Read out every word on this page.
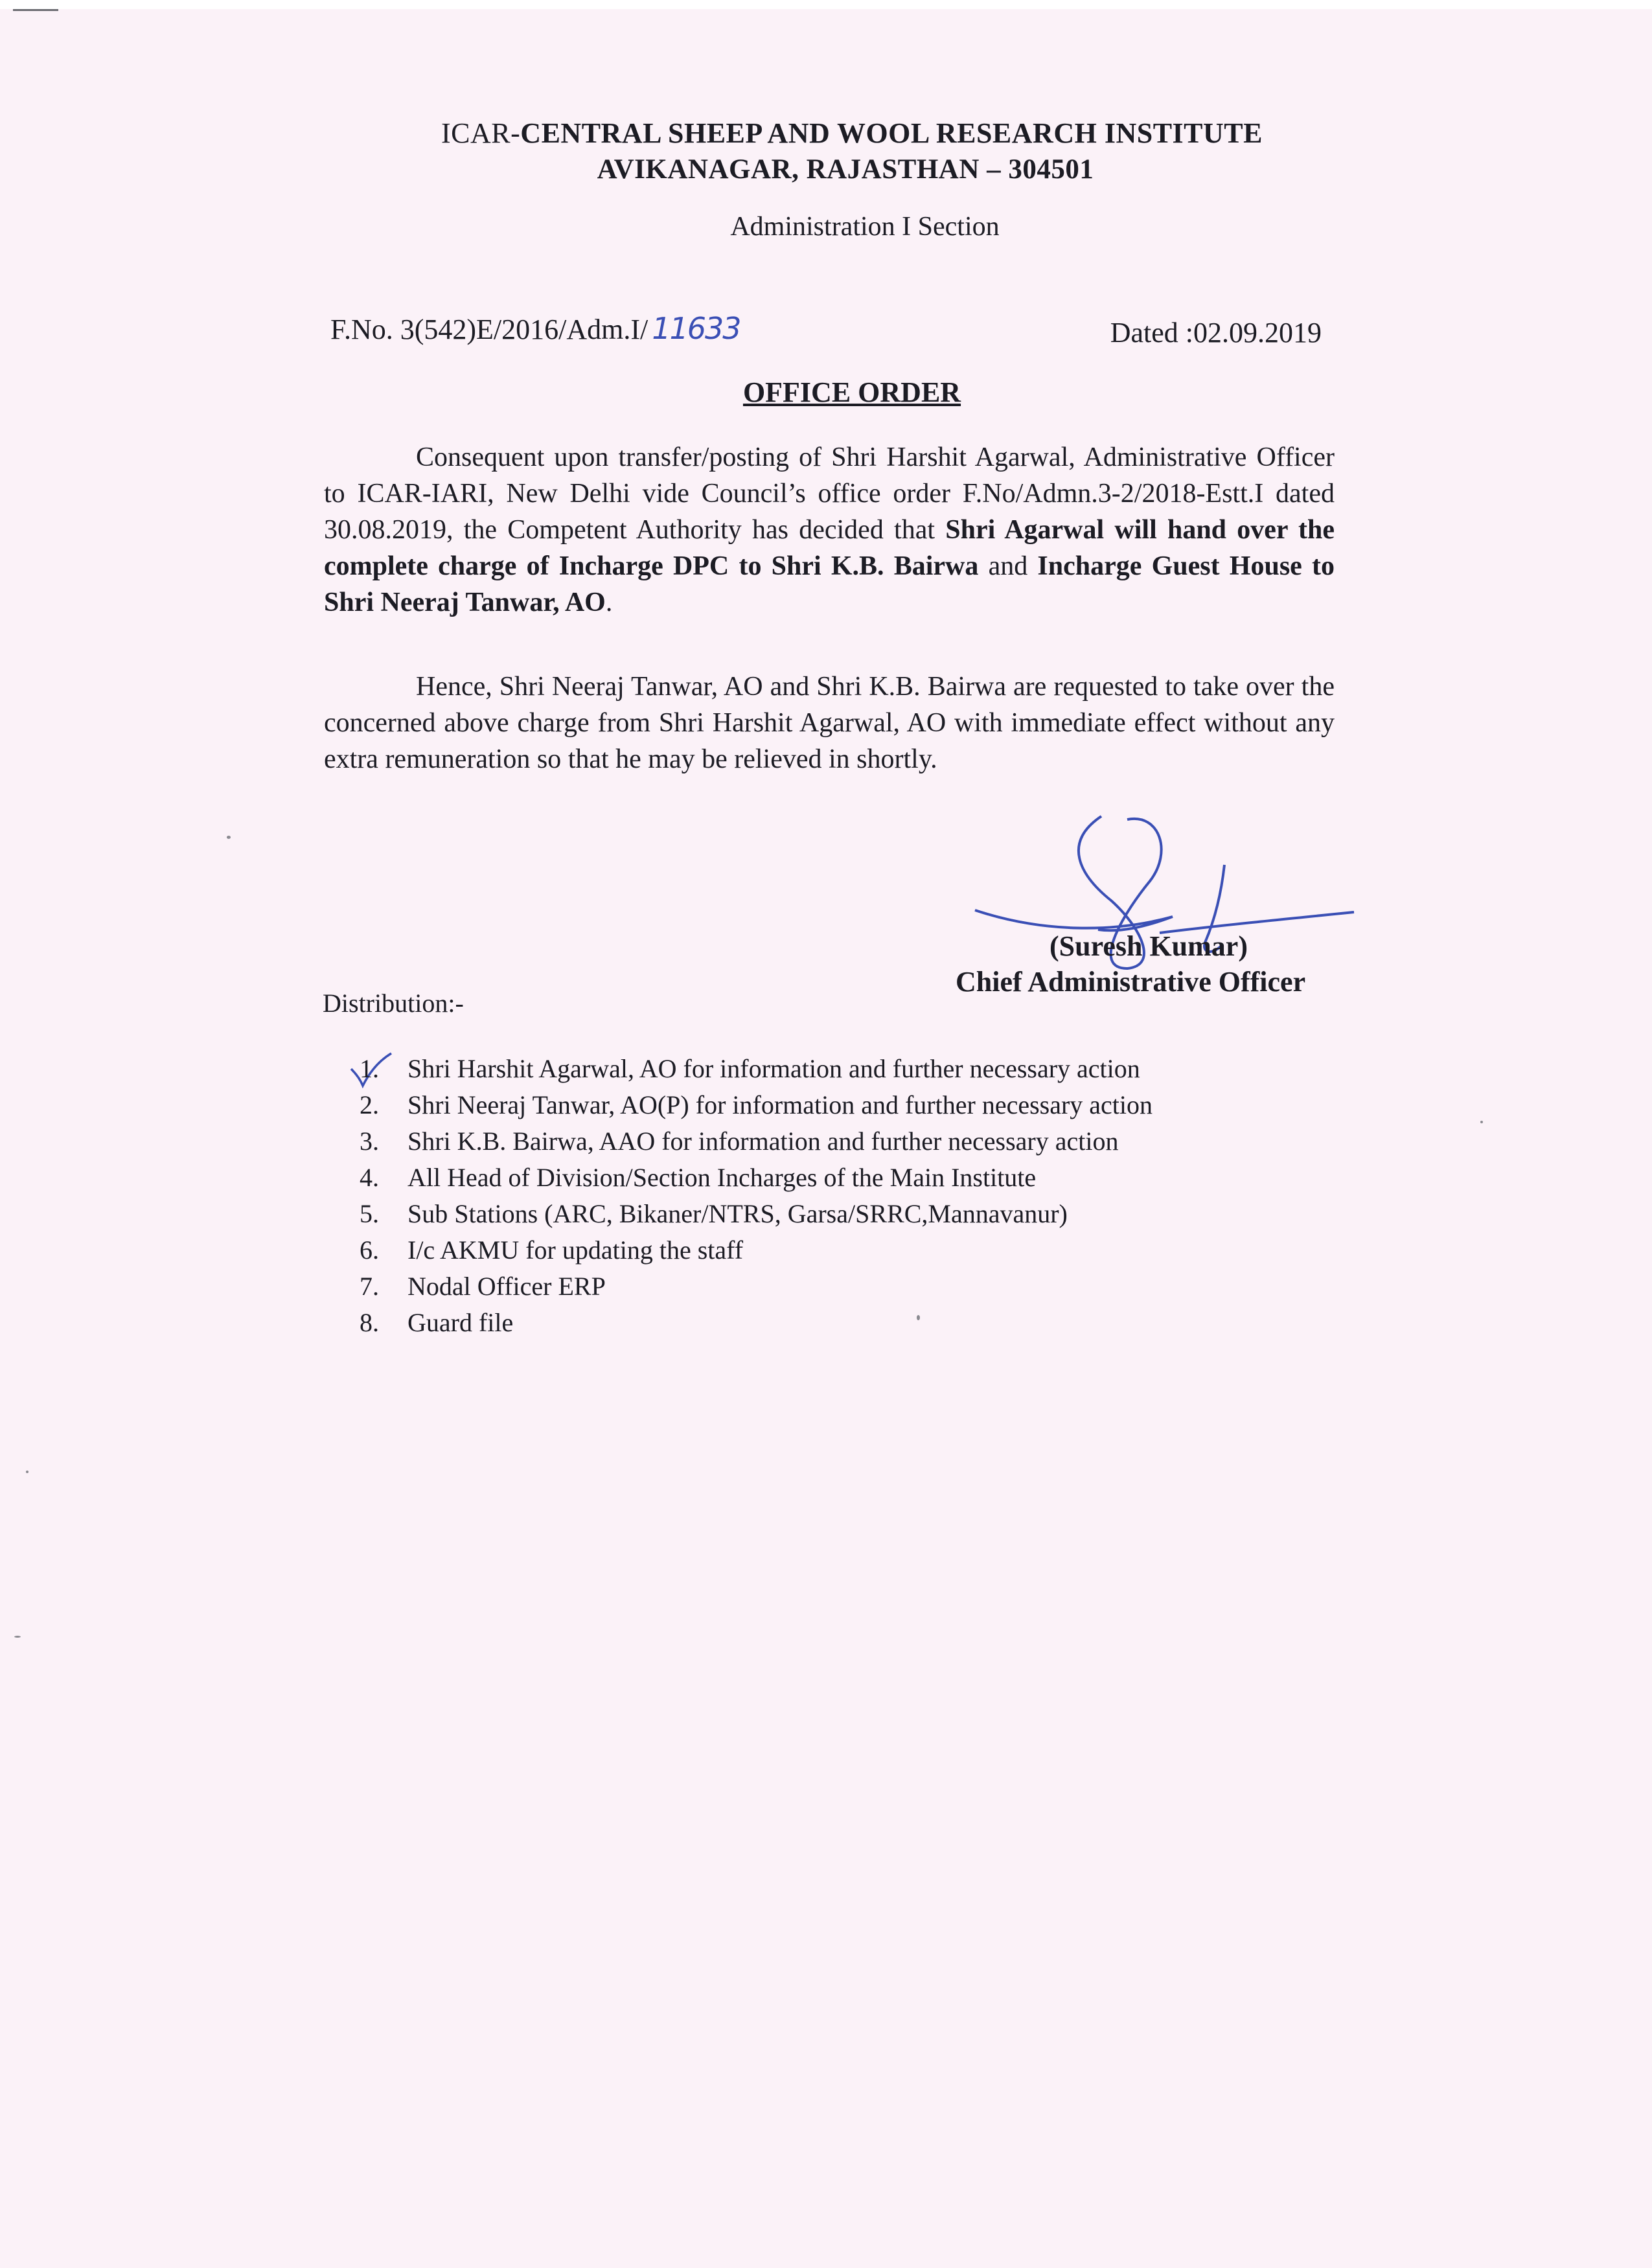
ICAR-CENTRAL SHEEP AND WOOL RESEARCH INSTITUTE
AVIKANAGAR, RAJASTHAN – 304501
Administration I Section
F.No. 3(542)E/2016/Adm.I/ 11633	Dated :02.09.2019
OFFICE ORDER
Consequent upon transfer/posting of Shri Harshit Agarwal, Administrative Officer to ICAR-IARI, New Delhi vide Council’s office order F.No/Admn.3-2/2018-Estt.I dated 30.08.2019, the Competent Authority has decided that Shri Agarwal will hand over the complete charge of Incharge DPC to Shri K.B. Bairwa and Incharge Guest House to Shri Neeraj Tanwar, AO.
Hence, Shri Neeraj Tanwar, AO and Shri K.B. Bairwa are requested to take over the concerned above charge from Shri Harshit Agarwal, AO with immediate effect without any extra remuneration so that he may be relieved in shortly.
(Suresh Kumar)
Chief Administrative Officer
Distribution:-
1. Shri Harshit Agarwal, AO for information and further necessary action
2. Shri Neeraj Tanwar, AO(P) for information and further necessary action
3. Shri K.B. Bairwa, AAO for information and further necessary action
4. All Head of Division/Section Incharges of the Main Institute
5. Sub Stations (ARC, Bikaner/NTRS, Garsa/SRRC,Mannavanur)
6. I/c AKMU for updating the staff
7. Nodal Officer ERP
8. Guard file
